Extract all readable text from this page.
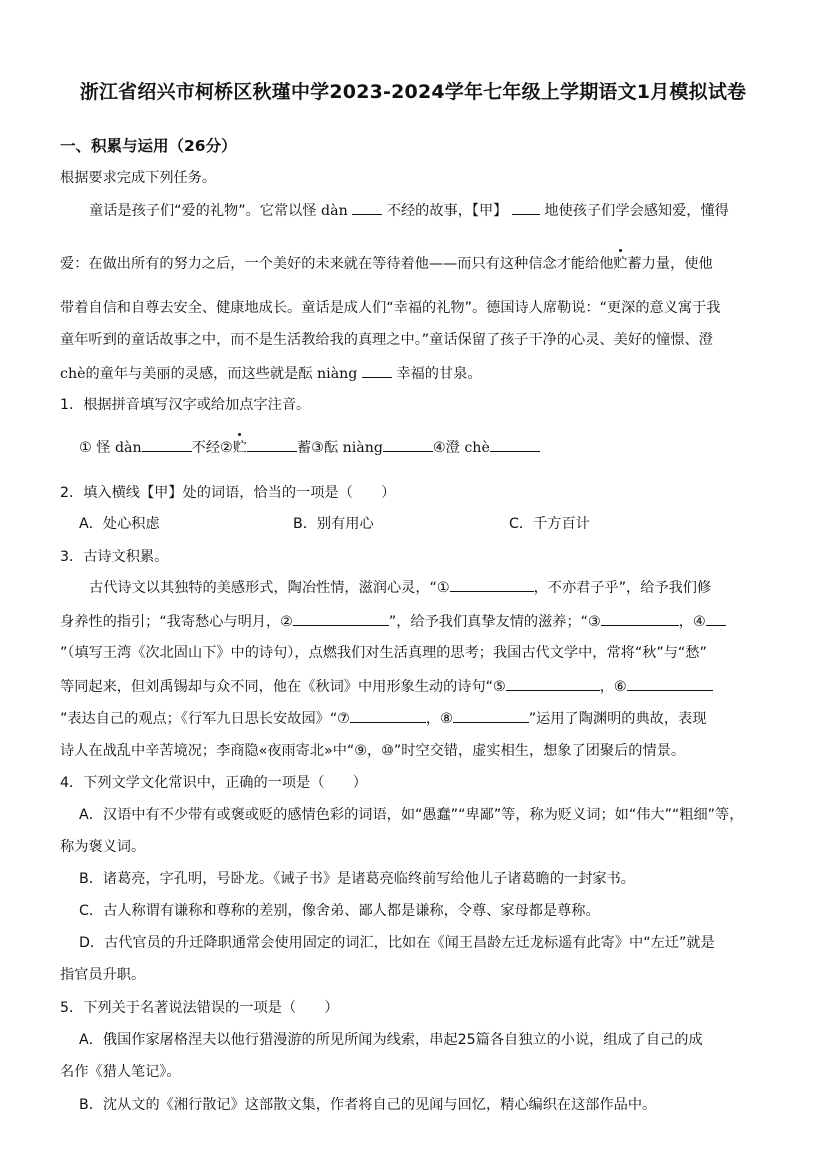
浙江省绍兴市柯桥区秋瑾中学2023-2024学年七年级上学期语文1月模拟试卷
一、积累与运用（26分）
根据要求完成下列任务。
童话是孩子们“爱的礼物”。它常以怪 dàn	不经的故事，【甲】	地使孩子们学会感知爱，懂得
爱：在做出所有的努力之后，一个美好的未来就在等待着他——而只有这种信念才能给他贮蓄力量，使他
带着自信和自尊去安全、健康地成长。童话是成人们“幸福的礼物”。德国诗人席勒说：“更深的意义寓于我
童年听到的童话故事之中，而不是生活教给我的真理之中。”童话保留了孩子干净的心灵、美好的憧憬、澄
chè的童年与美丽的灵感，而这些就是酝 niàng	幸福的甘泉。
1．根据拼音填写汉字或给加点字注音。
① 怪 dàn	不经②贮	蓄③酝 niàng	④澄 chè
2．填入横线【甲】处的词语，恰当的一项是（　　）
A．处心积虑	B．别有用心	C．千方百计
3．古诗文积累。
古代诗文以其独特的美感形式，陶冶性情，滋润心灵，“①	，不亦君子乎”，给予我们修
身养性的指引；“我寄愁心与明月，②	”，给予我们真挚友情的滋养；“③	，④
”（填写王湾《次北固山下》中的诗句），点燃我们对生活真理的思考；我国古代文学中，常将“秋”与“愁”
等同起来，但刘禹锡却与众不同，他在《秋词》中用形象生动的诗句“⑤	，⑥
”表达自己的观点；《行军九日思长安故园》“⑦	，⑧	”运用了陶渊明的典故，表现
诗人在战乱中辛苦境况；李商隐«夜雨寄北»中“⑨，⑩”时空交错，虚实相生，想象了团聚后的情景。
4．下列文学文化常识中，正确的一项是（　　）
A．汉语中有不少带有或褒或贬的感情色彩的词语，如“愚蠢”“卑鄙”等，称为贬义词；如“伟大”“粗细”等，
称为褒义词。
B．诸葛亮，字孔明，号卧龙。《诫子书》是诸葛亮临终前写给他儿子诸葛瞻的一封家书。
C．古人称谓有谦称和尊称的差别，像舍弟、鄙人都是谦称，令尊、家母都是尊称。
D．古代官员的升迁降职通常会使用固定的词汇，比如在《闻王昌龄左迁龙标遥有此寄》中“左迁”就是
指官员升职。
5．下列关于名著说法错误的一项是（　　）
A．俄国作家屠格涅夫以他行猎漫游的所见所闻为线索，串起25篇各自独立的小说，组成了自己的成
名作《猎人笔记》。
B．沈从文的《湘行散记》这部散文集，作者将自己的见闻与回忆，精心编织在这部作品中。
